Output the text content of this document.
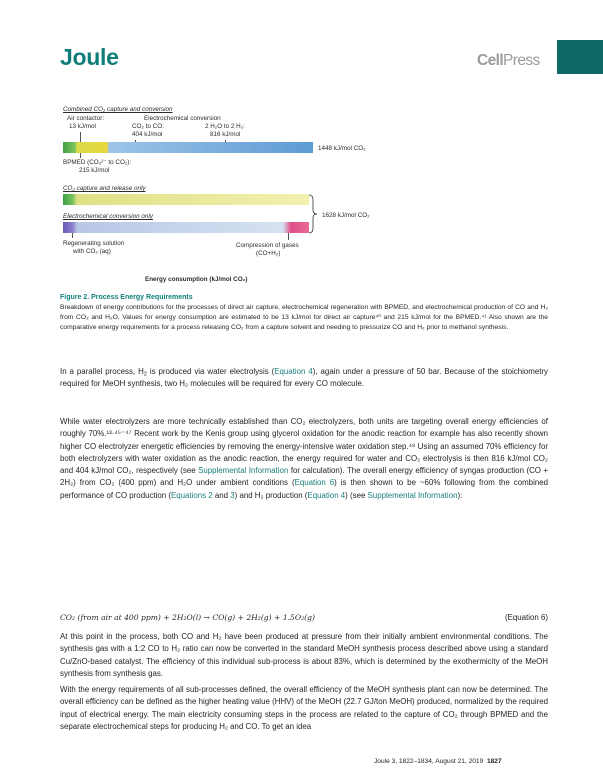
Joule	CellPress
Combined CO₂ capture and conversion
Air contactor:
13 kJ/mol
Electrochemical conversion
CO₂ to CO:
404 kJ/mol
2 H₂O to 2 H₂:
816 kJ/mol
1448 kJ/mol CO₂
BPMED (CO₃²⁻ to CO₂):
215 kJ/mol
CO₂ capture and release only
Electrochemical conversion only	1628 kJ/mol CO₂
Regenerating solution
with CO₂ (aq)
Compression of gases
(CO+H₂)
Energy consumption (kJ/mol CO₂)
Figure 2. Process Energy Requirements
Breakdown of energy contributions for the processes of direct air capture, electrochemical regeneration with BPMED, and electrochemical production of CO and H₂ from CO₂ and H₂O. Values for energy consumption are estimated to be 13 kJ/mol for direct air capture⁴⁰ and 215 kJ/mol for the BPMED.⁴¹ Also shown are the comparative energy requirements for a process releasing CO₂ from a capture solvent and needing to pressurize CO and H₂ prior to methanol synthesis.
In a parallel process, $H_2$ is produced via water electrolysis (Equation 4), again under a pressure of 50 bar. Because of the stoichiometry required for MeOH synthesis, two H₂ molecules will be required for every CO molecule.
While water electrolyzers are more technically established than CO₂ electrolyzers, both units are targeting overall energy efficiencies of roughly 70%.¹³·⁴⁵⁻⁴⁷ Recent work by the Kenis group using glycerol oxidation for the anodic reaction for example has also recently shown higher CO electrolyzer energetic efficiencies by removing the energy-intensive water oxidation step.⁴⁸ Using an assumed 70% efficiency for both electrolyzers with water oxidation as the anodic reaction, the energy required for water and CO₂ electrolysis is then 816 kJ/mol CO₂ and 404 kJ/mol CO₂, respectively (see Supplemental Information for calculation). The overall energy efficiency of syngas production (CO + 2H₂) from CO₂ (400 ppm) and H₂O under ambient conditions (Equation 6) is then shown to be ~60% following from the combined performance of CO production (Equations 2 and 3) and H₂ production (Equation 4) (see Supplemental Information):
CO₂ (from air at 400 ppm) + 2H₂O(l) → CO(g) + 2H₂(g) + 1.5O₂(g)	(Equation 6)
At this point in the process, both CO and H₂ have been produced at pressure from their initially ambient environmental conditions. The synthesis gas with a 1:2 CO to H₂ ratio can now be converted in the standard MeOH synthesis process described above using a standard Cu/ZnO-based catalyst. The efficiency of this individual sub-process is about 83%, which is determined by the exothermicity of the MeOH synthesis from synthesis gas.
With the energy requirements of all sub-processes defined, the overall efficiency of the MeOH synthesis plant can now be determined. The overall efficiency can be defined as the higher heating value (HHV) of the MeOH (22.7 GJ/ton MeOH) produced, normalized by the required input of electrical energy. The main electricity consuming steps in the process are related to the capture of CO₂ through BPMED and the separate electrochemical steps for producing H₂ and CO. To get an idea
Joule 3, 1822–1834, August 21, 2019 1827
